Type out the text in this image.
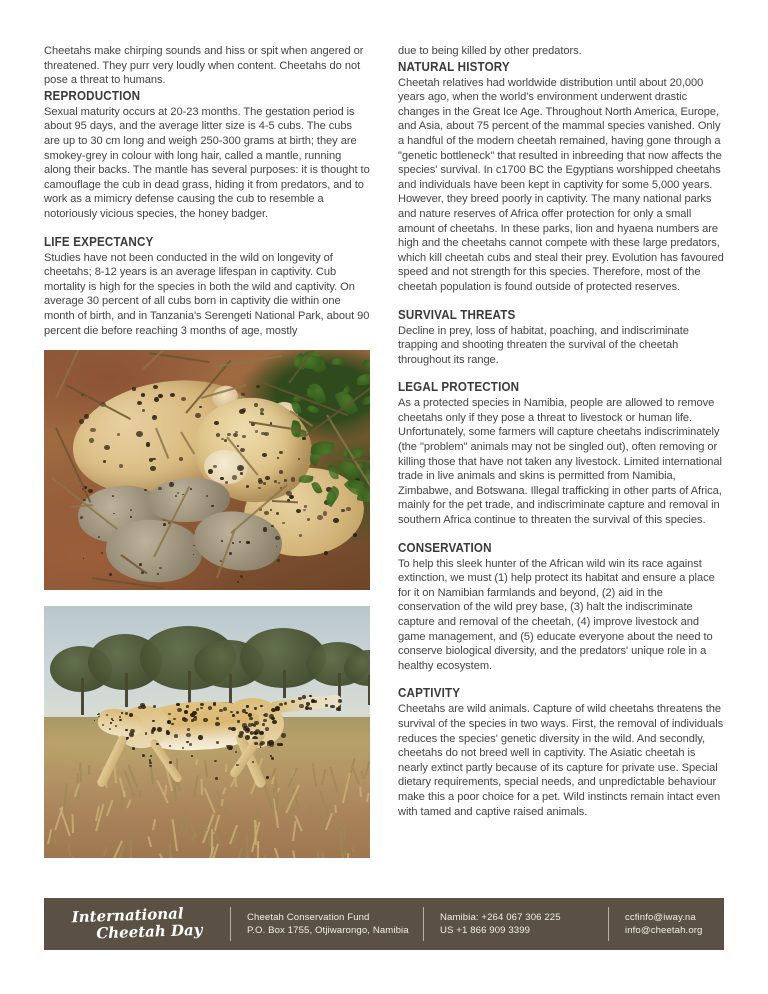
Cheetahs make chirping sounds and hiss or spit when angered or threatened. They purr very loudly when content. Cheetahs do not pose a threat to humans.

REPRODUCTION

Sexual maturity occurs at 20-23 months. The gestation period is about 95 days, and the average litter size is 4-5 cubs. The cubs are up to 30 cm long and weigh 250-300 grams at birth; they are smokey-grey in colour with long hair, called a mantle, running along their backs. The mantle has several purposes: it is thought to camouflage the cub in dead grass, hiding it from predators, and to work as a mimicry defense causing the cub to resemble a notoriously vicious species, the honey badger.

LIFE EXPECTANCY

Studies have not been conducted in the wild on longevity of cheetahs; 8-12 years is an average lifespan in captivity. Cub mortality is high for the species in both the wild and captivity. On average 30 percent of all cubs born in captivity die within one month of birth, and in Tanzania's Serengeti National Park, about 90 percent die before reaching 3 months of age, mostly

due to being killed by other predators.

NATURAL HISTORY

Cheetah relatives had worldwide distribution until about 20,000 years ago, when the world's environment underwent drastic changes in the Great Ice Age. Throughout North America, Europe, and Asia, about 75 percent of the mammal species vanished. Only a handful of the modern cheetah remained, having gone through a "genetic bottleneck" that resulted in inbreeding that now affects the species' survival. In c1700 BC the Egyptians worshipped cheetahs and individuals have been kept in captivity for some 5,000 years. However, they breed poorly in captivity. The many national parks and nature reserves of Africa offer protection for only a small amount of cheetahs. In these parks, lion and hyaena numbers are high and the cheetahs cannot compete with these large predators, which kill cheetah cubs and steal their prey. Evolution has favoured speed and not strength for this species. Therefore, most of the cheetah population is found outside of protected reserves.

SURVIVAL THREATS

Decline in prey, loss of habitat, poaching, and indiscriminate trapping and shooting threaten the survival of the cheetah throughout its range.

LEGAL PROTECTION

As a protected species in Namibia, people are allowed to remove cheetahs only if they pose a threat to livestock or human life. Unfortunately, some farmers will capture cheetahs indiscriminately (the "problem" animals may not be singled out), often removing or killing those that have not taken any livestock. Limited international trade in live animals and skins is permitted from Namibia, Zimbabwe, and Botswana. Illegal trafficking in other parts of Africa, mainly for the pet trade, and indiscriminate capture and removal in southern Africa continue to threaten the survival of this species.

CONSERVATION

To help this sleek hunter of the African wild win its race against extinction, we must (1) help protect its habitat and ensure a place for it on Namibian farmlands and beyond, (2) aid in the conservation of the wild prey base, (3) halt the indiscriminate capture and removal of the cheetah, (4) improve livestock and game management, and (5) educate everyone about the need to conserve biological diversity, and the predators' unique role in a healthy ecosystem.

CAPTIVITY

Cheetahs are wild animals. Capture of wild cheetahs threatens the survival of the species in two ways. First, the removal of individuals reduces the species' genetic diversity in the wild. And secondly, cheetahs do not breed well in captivity. The Asiatic cheetah is nearly extinct partly because of its capture for private use. Special dietary requirements, special needs, and unpredictable behaviour make this a poor choice for a pet. Wild instincts remain intact even with tamed and captive raised animals.

International
Cheetah Day
Cheetah Conservation Fund
P.O. Box 1755, Otjiwarongo, Namibia
Namibia: +264 067 306 225
US +1 866 909 3399
ccfinfo@iway.na
info@cheetah.org
